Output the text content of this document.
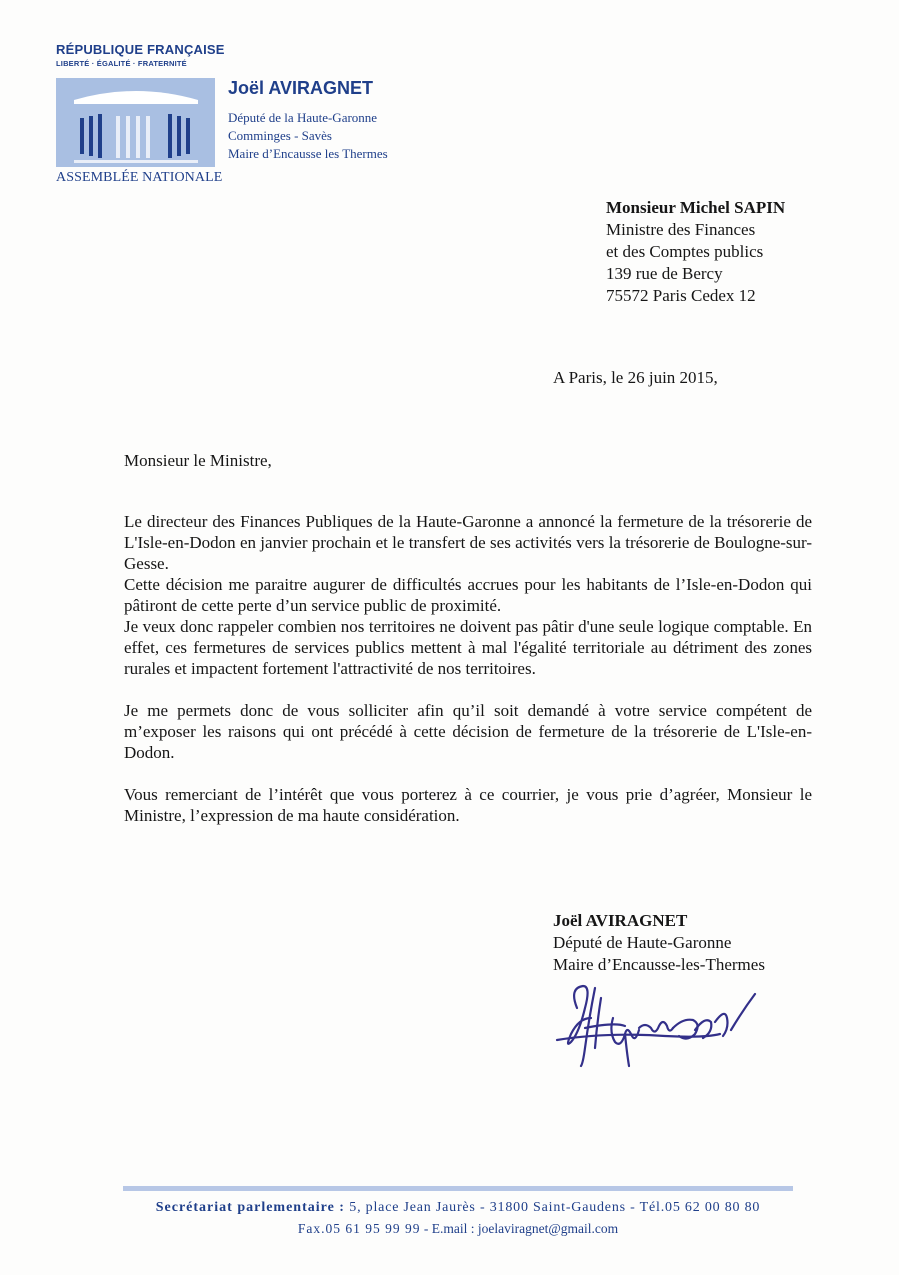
RÉPUBLIQUE FRANÇAISE
LIBERTÉ · ÉGALITÉ · FRATERNITÉ
ASSEMBLÉE NATIONALE
Joël AVIRAGNET
Député de la Haute-Garonne
Comminges - Savès
Maire d’Encausse les Thermes
Monsieur Michel SAPIN
Ministre des Finances
et des Comptes publics
139 rue de Bercy
75572 Paris Cedex 12
A Paris, le 26 juin 2015,
Monsieur le Ministre,

Le directeur des Finances Publiques de la Haute-Garonne a annoncé la fermeture de la trésorerie de L'Isle-en-Dodon en janvier prochain et le transfert de ses activités vers la trésorerie de Boulogne-sur-Gesse.

Cette décision me paraitre augurer de difficultés accrues pour les habitants de l’Isle-en-Dodon qui pâtiront de cette perte d’un service public de proximité.

Je veux donc rappeler combien nos territoires ne doivent pas pâtir d'une seule logique comptable. En effet, ces fermetures de services publics mettent à mal l'égalité territoriale au détriment des zones rurales et impactent fortement l'attractivité de nos territoires.

Je me permets donc de vous solliciter afin qu’il soit demandé à votre service compétent de m’exposer les raisons qui ont précédé à cette décision de fermeture de la trésorerie de L'Isle-en-Dodon.

Vous remerciant de l’intérêt que vous porterez à ce courrier, je vous prie d’agréer, Monsieur le Ministre, l’expression de ma haute considération.

Joël AVIRAGNET
Député de Haute-Garonne
Maire d’Encausse-les-Thermes
Secrétariat parlementaire : 5, place Jean Jaurès - 31800 Saint-Gaudens - Tél.05 62 00 80 80
Fax.05 61 95 99 99 - E.mail : joelaviragnet@gmail.com
